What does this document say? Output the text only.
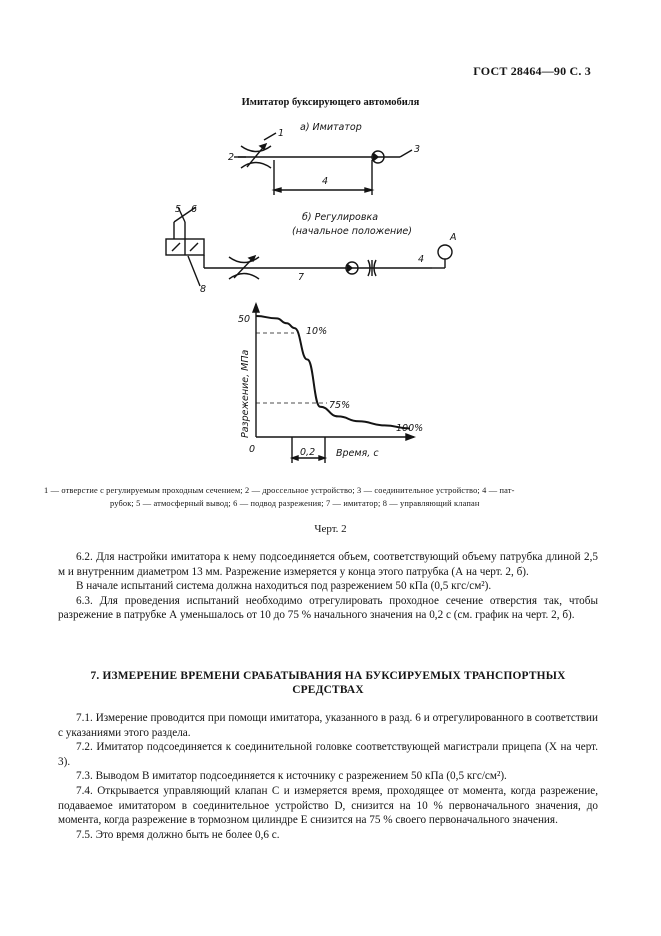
ГОСТ 28464—90 С. 3
Имитатор буксирующего автомобиля
а) Имитатор
1
2
3
4
б) Регулировка
(начальное положение)
5 6
7
8
4
A
50
0	0,2 Время, с
10%
75%
100%
Разрежение, МПа
1 — отверстие с регулируемым проходным сечением; 2 — дроссельное устройство; 3 — соединительное устройство; 4 — пат-
рубок; 5 — атмосферный вывод; 6 — подвод разрежения; 7 — имитатор; 8 — управляющий клапан
Черт. 2

6.2. Для настройки имитатора к нему подсоединяется объем, соответствующий объему патрубка длиной 2,5 м и внутренним диаметром 13 мм. Разрежение измеряется у конца этого патрубка (А на черт. 2, б).

В начале испытаний система должна находиться под разрежением 50 кПа (0,5 кгс/см²).

6.3. Для проведения испытаний необходимо отрегулировать проходное сечение отверстия так, чтобы разрежение в патрубке А уменьшалось от 10 до 75 % начального значения на 0,2 с (см. график на черт. 2, б).

7. ИЗМЕРЕНИЕ ВРЕМЕНИ СРАБАТЫВАНИЯ НА БУКСИРУЕМЫХ ТРАНСПОРТНЫХ СРЕДСТВАХ

7.1. Измерение проводится при помощи имитатора, указанного в разд. 6 и отрегулированного в соответствии с указаниями этого раздела.

7.2. Имитатор подсоединяется к соединительной головке соответствующей магистрали прицепа (X на черт. 3).

7.3. Выводом В имитатор подсоединяется к источнику с разрежением 50 кПа (0,5 кгс/см²).

7.4. Открывается управляющий клапан С и измеряется время, проходящее от момента, когда разрежение, подаваемое имитатором в соединительное устройство D, снизится на 10 % первоначального значения, до момента, когда разрежение в тормозном цилиндре Е снизится на 75 % своего первоначального значения.

7.5. Это время должно быть не более 0,6 с.
